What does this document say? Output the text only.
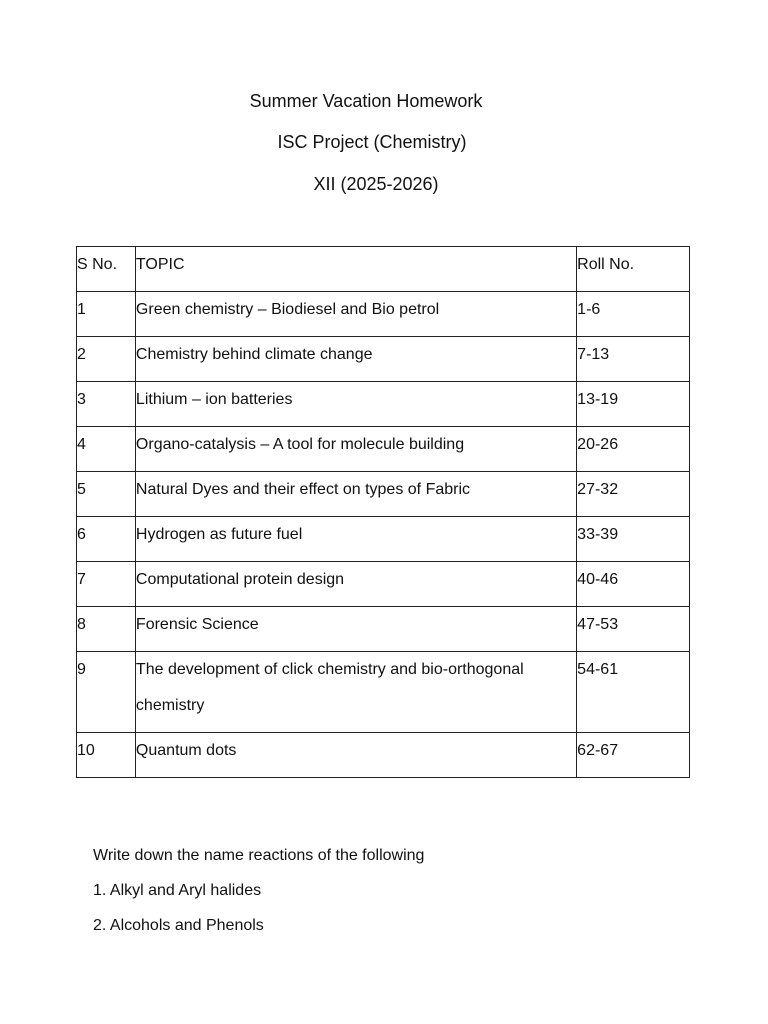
Summer Vacation Homework
ISC Project (Chemistry)
XII (2025-2026)
S No.	TOPIC	Roll No.
1	Green chemistry – Biodiesel and Bio petrol	1-6
2	Chemistry behind climate change	7-13
3	Lithium – ion batteries	13-19
4	Organo-catalysis – A tool for molecule building	20-26
5	Natural Dyes and their effect on types of Fabric	27-32
6	Hydrogen as future fuel	33-39
7	Computational protein design	40-46
8	Forensic Science	47-53
9	The development of click chemistry and bio-orthogonal chemistry	54-61
10	Quantum dots	62-67

Write down the name reactions of the following

1. Alkyl and Aryl halides

2. Alcohols and Phenols
